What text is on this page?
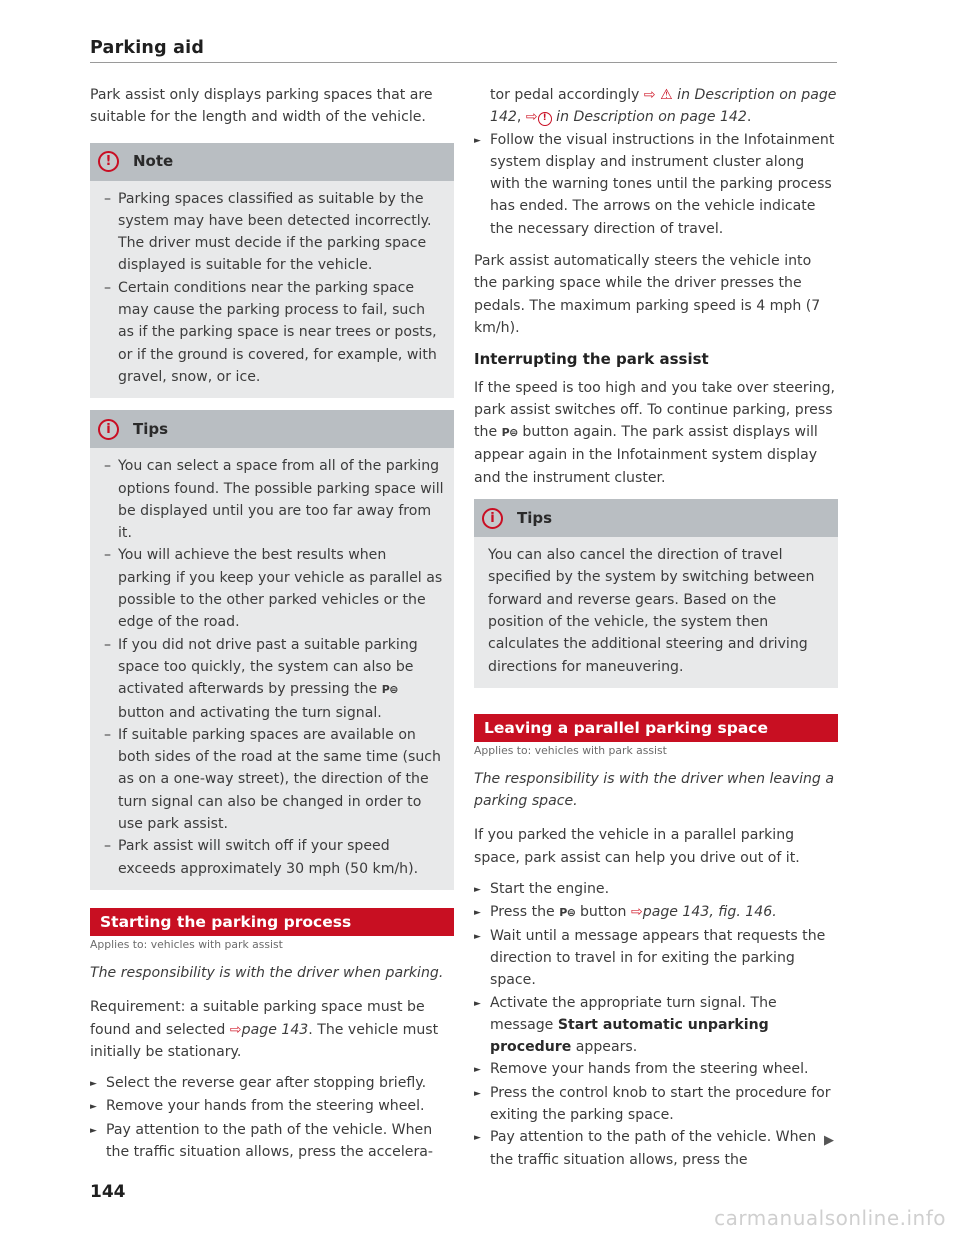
Parking aid

Park assist only displays parking spaces that are suitable for the length and width of the vehicle.

!	Note
– Parking spaces classified as suitable by the system may have been detected incorrectly. The driver must decide if the parking space displayed is suitable for the vehicle.
– Certain conditions near the parking space may cause the parking process to fail, such as if the parking space is near trees or posts, or if the ground is covered, for example, with gravel, snow, or ice.
i	Tips
– You can select a space from all of the parking options found. The possible parking space will be displayed until you are too far away from it.
– You will achieve the best results when parking if you keep your vehicle as parallel as possible to the other parked vehicles or the edge of the road.
– If you did not drive past a suitable parking space too quickly, the system can also be activated afterwards by pressing the P⊜ button and activating the turn signal.
– If suitable parking spaces are available on both sides of the road at the same time (such as on a one-way street), the direction of the turn signal can also be changed in order to use park assist.
– Park assist will switch off if your speed exceeds approximately 30 mph (50 km/h).
Starting the parking process
Applies to: vehicles with park assist

The responsibility is with the driver when parking.

Requirement: a suitable parking space must be found and selected ⇨page 143. The vehicle must initially be stationary.

► Select the reverse gear after stopping briefly.
► Remove your hands from the steering wheel.
► Pay attention to the path of the vehicle. When the traffic situation allows, press the accelera-
tor pedal accordingly ⇨ ⚠ in Description on page 142, ⇨ ! in Description on page 142.
► Follow the visual instructions in the Infotainment system display and instrument cluster along with the warning tones until the parking process has ended. The arrows on the vehicle indicate the necessary direction of travel.

Park assist automatically steers the vehicle into the parking space while the driver presses the pedals. The maximum parking speed is 4 mph (7 km/h).

Interrupting the park assist

If the speed is too high and you take over steering, park assist switches off. To continue parking, press the P⊜ button again. The park assist displays will appear again in the Infotainment system display and the instrument cluster.

i	Tips
You can also cancel the direction of travel specified by the system by switching between forward and reverse gears. Based on the position of the vehicle, the system then calculates the additional steering and driving directions for maneuvering.
Leaving a parallel parking space
Applies to: vehicles with park assist

The responsibility is with the driver when leaving a parking space.

If you parked the vehicle in a parallel parking space, park assist can help you drive out of it.

► Start the engine.
► Press the P⊜ button ⇨page 143, fig. 146.
► Wait until a message appears that requests the direction to travel in for exiting the parking space.
► Activate the appropriate turn signal. The message Start automatic unparking procedure appears.
► Remove your hands from the steering wheel.
► Press the control knob to start the procedure for exiting the parking space.
► Pay attention to the path of the vehicle. When the traffic situation allows, press the
▶
144
carmanualsonline.info
